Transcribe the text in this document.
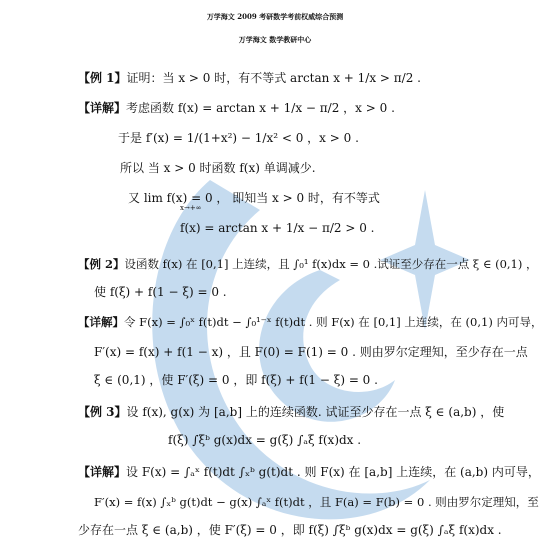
万学海文 2009 考研数学考前权威综合预测
万学海文 数学教研中心
【例 1】证明：当 x > 0 时，有不等式 arctan x + 1/x > π/2 .
【详解】考虑函数 f(x) = arctan x + 1/x − π/2 ，x > 0 .
于是 f′(x) = 1/(1+x²) − 1/x² < 0 ，x > 0 .
所以 当 x > 0 时函数 f(x) 单调减少.
又 lim f(x) = 0 ， 即知当 x > 0 时，有不等式
x→+∞
f(x) = arctan x + 1/x − π/2 > 0 .
【例 2】设函数 f(x) 在 [0,1] 上连续，且 ∫₀¹ f(x)dx = 0 .试证至少存在一点 ξ ∈ (0,1) ，
使 f(ξ) + f(1 − ξ) = 0 .
【详解】令 F(x) = ∫₀ˣ f(t)dt − ∫₀¹⁻ˣ f(t)dt . 则 F(x) 在 [0,1] 上连续，在 (0,1) 内可导，
F′(x) = f(x) + f(1 − x) ，且 F(0) = F(1) = 0 . 则由罗尔定理知，至少存在一点
ξ ∈ (0,1) ，使 F′(ξ) = 0 ，即 f(ξ) + f(1 − ξ) = 0 .
【例 3】设 f(x), g(x) 为 [a,b] 上的连续函数. 试证至少存在一点 ξ ∈ (a,b) ，使
f(ξ) ∫ξᵇ g(x)dx = g(ξ) ∫ₐξ f(x)dx .
【详解】设 F(x) = ∫ₐˣ f(t)dt ∫ₓᵇ g(t)dt . 则 F(x) 在 [a,b] 上连续，在 (a,b) 内可导，
F′(x) = f(x) ∫ₓᵇ g(t)dt − g(x) ∫ₐˣ f(t)dt ，且 F(a) = F(b) = 0 . 则由罗尔定理知，至
少存在一点 ξ ∈ (a,b) ，使 F′(ξ) = 0 ，即 f(ξ) ∫ξᵇ g(x)dx = g(ξ) ∫ₐξ f(x)dx .
